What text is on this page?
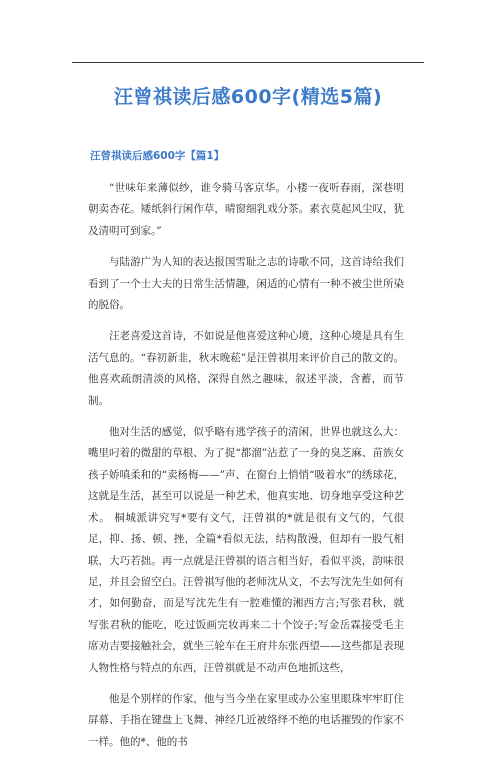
汪曾祺读后感600字(精选5篇)
汪曾祺读后感600字【篇1】

“世味年来薄似纱，谁令骑马客京华。小楼一夜听春雨，深巷明朝卖杏花。矮纸斜行闲作草，晴窗细乳戏分茶。素衣莫起风尘叹，犹及清明可到家。”

与陆游广为人知的表达报国雪耻之志的诗歌不同，这首诗给我们看到了一个士大夫的日常生活情趣，闲适的心情有一种不被尘世所染的脱俗。

汪老喜爱这首诗，不如说是他喜爱这种心境，这种心境是具有生活气息的。“春初新韭，秋末晚菘”是汪曾祺用来评价自己的散文的。他喜欢疏朗清淡的风格，深得自然之趣味，叙述平淡，含蓄，而节制。

他对生活的感觉，似乎略有逃学孩子的清闲，世界也就这么大：嘴里叼着的微甜的草根、为了捉“都溜”沾惹了一身的臭芝麻、苗族女孩子娇嗔柔和的“卖杨梅——”声、在窗台上悄悄“吸着水”的绣球花，这就是生活，甚至可以说是一种艺术，他真实地、切身地享受这种艺术。 桐城派讲究写*要有文气，汪曾祺的*就是很有文气的，气很足，抑、扬、顿、挫，全篇*看似无法，结构散漫，但却有一股气相联，大巧若拙。再一点就是汪曾祺的语言相当好，看似平淡，韵味很足，并且会留空白。汪曾祺写他的老师沈从文，不去写沈先生如何有才，如何勤奋，而是写沈先生有一腔难懂的湘西方言;写张君秋，就写张君秋的能吃，吃过饭画完妆再来二十个饺子;写金岳霖接受毛主席劝吉要接触社会，就坐三轮车在王府井东张西望——这些都是表现人物性格与特点的东西，汪曾祺就是不动声色地抓这些，

他是个别样的作家，他与当今坐在家里或办公室里眼珠牢牢盯住屏幕、手指在键盘上飞舞、神经几近被络绎不绝的电话摧毁的作家不一样。他的*、他的书
